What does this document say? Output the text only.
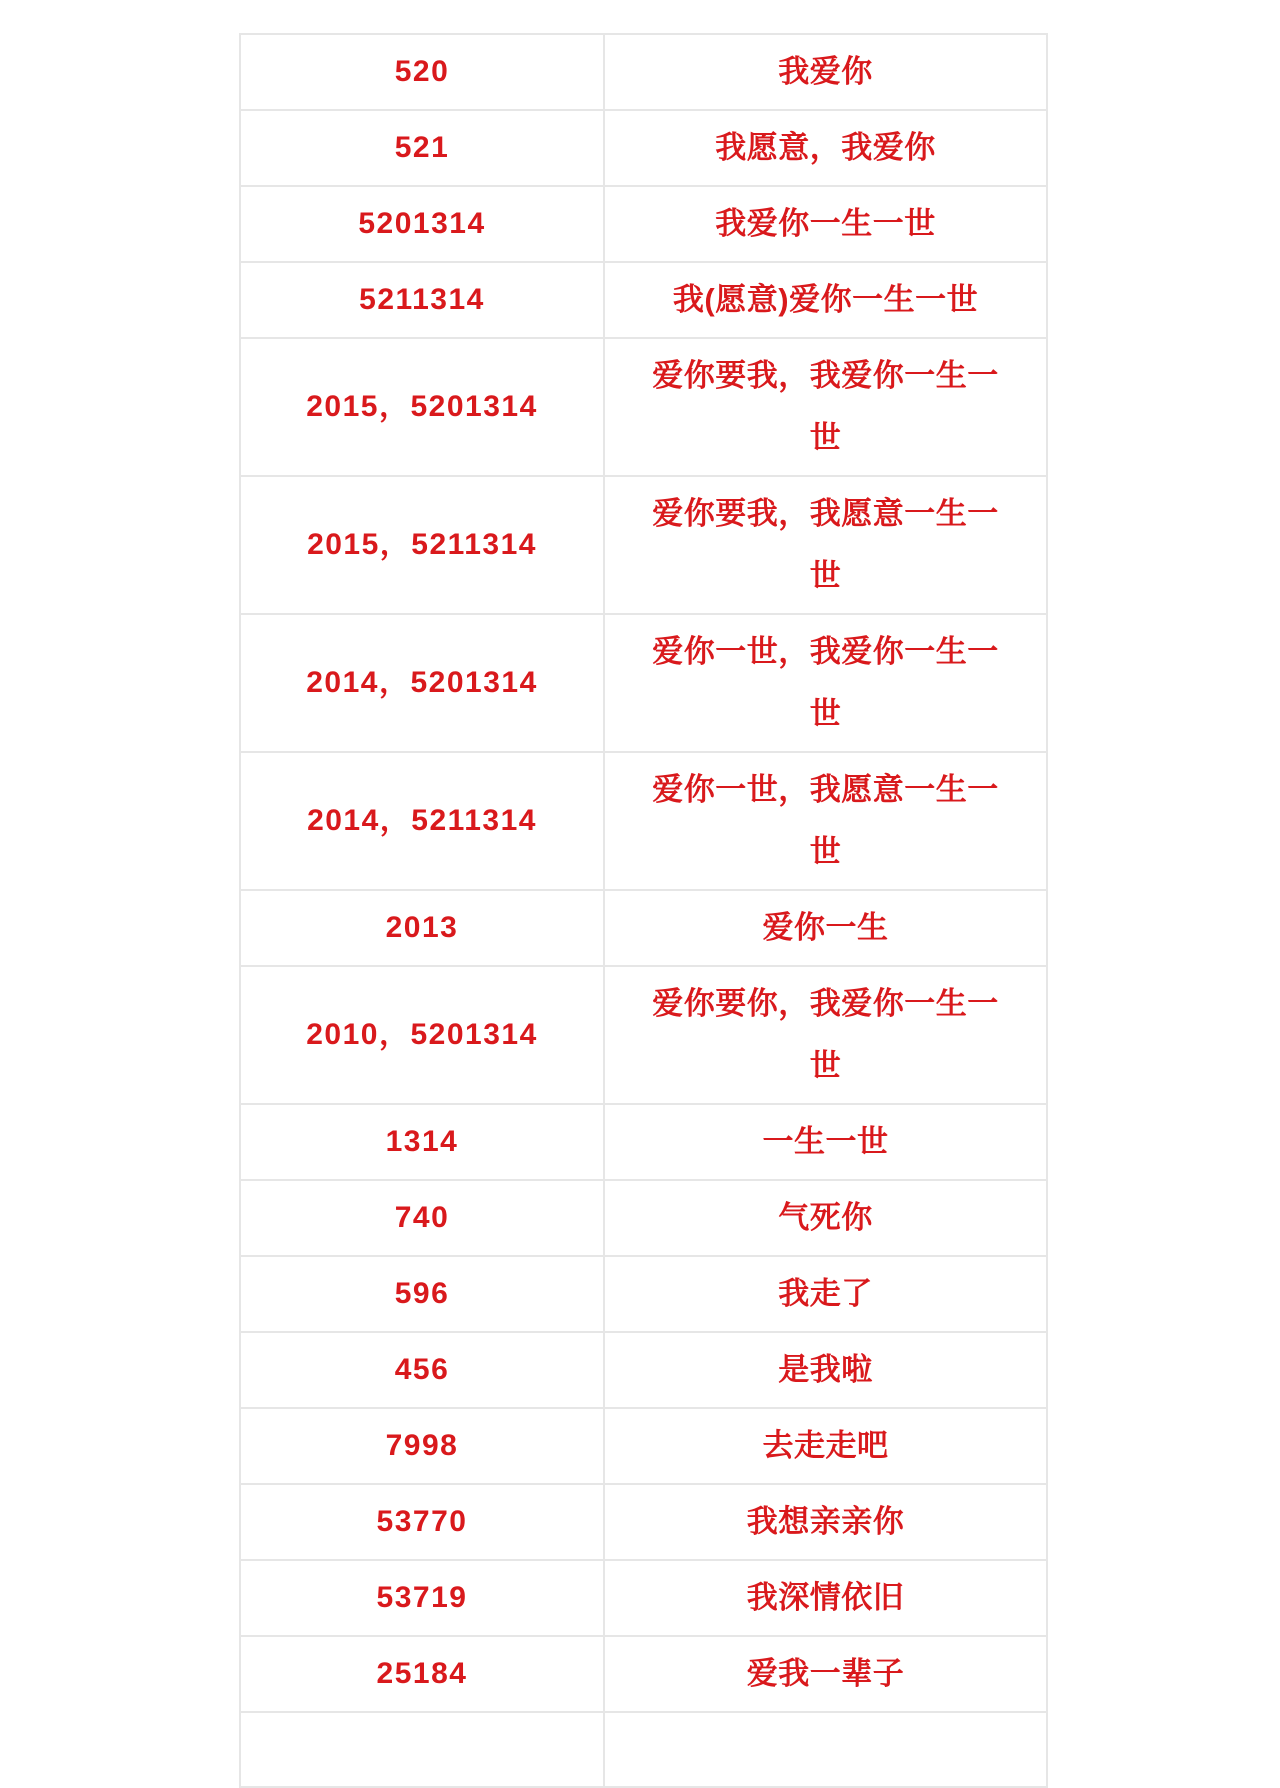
520	我爱你
521	我愿意，我爱你
5201314	我爱你一生一世
5211314	我(愿意)爱你一生一世
2015，5201314	爱你要我，我爱你一生一世
2015，5211314	爱你要我，我愿意一生一世
2014，5201314	爱你一世，我爱你一生一世
2014，5211314	爱你一世，我愿意一生一世
2013	爱你一生
2010，5201314	爱你要你，我爱你一生一世
1314	一生一世
740	气死你
596	我走了
456	是我啦
7998	去走走吧
53770	我想亲亲你
53719	我深情依旧
25184	爱我一辈子
